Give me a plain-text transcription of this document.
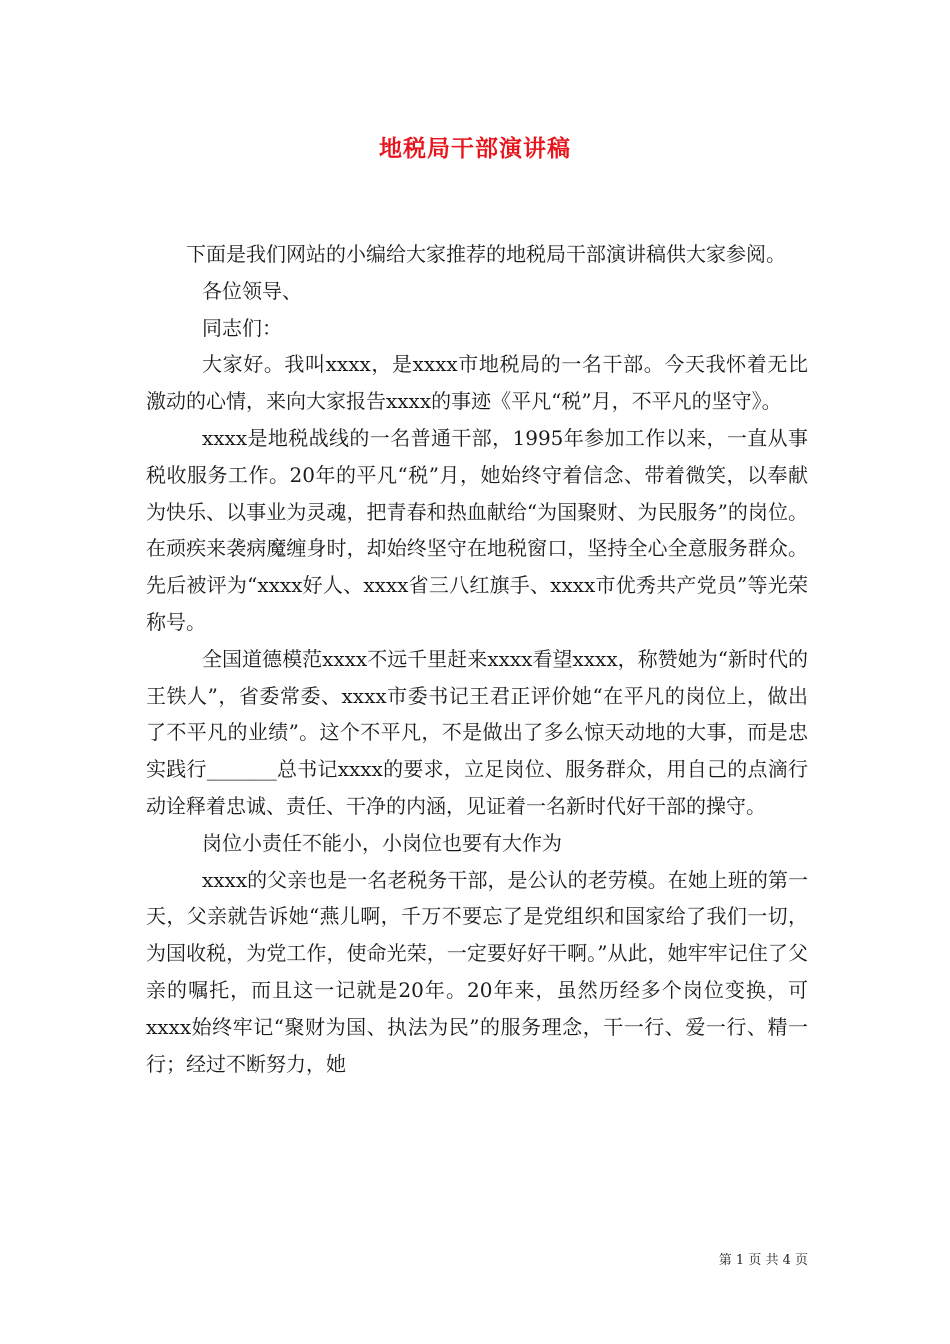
地税局干部演讲稿

下面是我们网站的小编给大家推荐的地税局干部演讲稿供大家参阅。

各位领导、

同志们：

大家好。我叫xxxx，是xxxx市地税局的一名干部。今天我怀着无比激动的心情，来向大家报告xxxx的事迹《平凡“税”月，不平凡的坚守》。

xxxx是地税战线的一名普通干部，1995年参加工作以来，一直从事税收服务工作。20年的平凡“税”月，她始终守着信念、带着微笑，以奉献为快乐、以事业为灵魂，把青春和热血献给“为国聚财、为民服务”的岗位。在顽疾来袭病魔缠身时，却始终坚守在地税窗口，坚持全心全意服务群众。先后被评为“xxxx好人、xxxx省三八红旗手、xxxx市优秀共产党员”等光荣称号。

全国道德模范xxxx不远千里赶来xxxx看望xxxx，称赞她为“新时代的王铁人”，省委常委、xxxx市委书记王君正评价她“在平凡的岗位上，做出了不平凡的业绩”。这个不平凡，不是做出了多么惊天动地的大事，而是忠实践行_______总书记xxxx的要求，立足岗位、服务群众，用自己的点滴行动诠释着忠诚、责任、干净的内涵，见证着一名新时代好干部的操守。

岗位小责任不能小，小岗位也要有大作为

xxxx的父亲也是一名老税务干部，是公认的老劳模。在她上班的第一天，父亲就告诉她“燕儿啊，千万不要忘了是党组织和国家给了我们一切，为国收税，为党工作，使命光荣，一定要好好干啊。”从此，她牢牢记住了父亲的嘱托，而且这一记就是20年。20年来，虽然历经多个岗位变换，可xxxx始终牢记“聚财为国、执法为民”的服务理念，干一行、爱一行、精一行；经过不断努力，她

第 1 页 共 4 页
